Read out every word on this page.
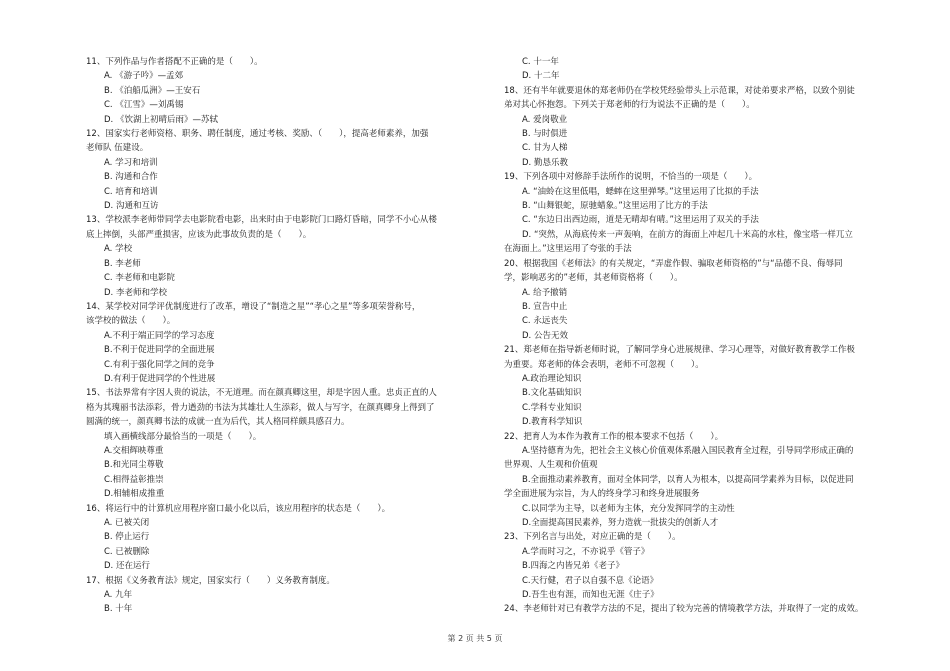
11、下列作品与作者搭配不正确的是（　　）。
A. 《游子吟》—孟郊
B. 《泊船瓜洲》—王安石
C. 《江雪》—刘禹锡
D. 《饮湖上初晴后雨》—苏轼
12、国家实行老师资格、职务、聘任制度，通过考核、奖励、（　　），提高老师素养，加强
老师队 伍建设。
A. 学习和培训
B. 沟通和合作
C. 培育和培训
D. 沟通和互访
13、学校派李老师带同学去电影院看电影，出来时由于电影院门口路灯昏暗，同学不小心从楼
底上摔倒，头部严重损害，应该为此事故负责的是（　　）。
A. 学校
B. 李老师
C. 李老师和电影院
D. 李老师和学校
14、某学校对同学评优制度进行了改革，增设了“制造之星”“孝心之星”等多项荣誉称号，
该学校的做法（　　）。
A.不利于端正同学的学习态度
B.不利于促进同学的全面进展
C.有利于强化同学之间的竞争
D.有利于促进同学的个性进展
15、书法界常有字因人贵的说法，不无道理。而在颜真卿这里，却是字因人重。忠贞正直的人
格为其瑰丽书法添彩，骨力遒劲的书法为其雄壮人生添彩，做人与写字，在颜真卿身上得到了
圆满的统一，颜真卿书法的成就一直为后代，其人格同样颇具感召力。
填入画横线部分最恰当的一项是（　　）。
A.交相辉映尊重
B.和光同尘尊敬
C.相得益彰推崇
D.相辅相成推重
16、将运行中的计算机应用程序窗口最小化以后，该应用程序的状态是（　　）。
A. 已被关闭
B. 停止运行
C. 已被删除
D. 还在运行
17、根据《义务教育法》规定，国家实行（　　）义务教育制度。
A. 九年
B. 十年
C. 十一年
D. 十二年
18、还有半年就要退休的郑老师仍在学校凭经验带头上示范课，对徒弟要求严格，以致个别徒
弟对其心怀抱怨。下列关于郑老师的行为说法不正确的是（　　）。
A. 爱岗敬业
B. 与时俱进
C. 甘为人梯
D. 勤恳乐教
19、下列各项中对修辞手法所作的说明，不恰当的一项是（　　）。
A. “油蛉在这里低唱，蟋蟀在这里弹琴。”这里运用了比拟的手法
B. “山舞银蛇，原驰蜡象。”这里运用了比方的手法
C. “东边日出西边雨，道是无晴却有晴。”这里运用了双关的手法
D. “突然，从海底传来一声轰响，在前方的海面上冲起几十米高的水柱，像宝塔一样兀立
在海面上。”这里运用了夸张的手法
20、根据我国《老师法》的有关规定，“弄虚作假、骗取老师资格的”与“品德不良、侮辱同
学，影响恶劣的”老师，其老师资格将（　　）。
A. 给予撤销
B. 宣告中止
C. 永远丧失
D. 公告无效
21、郑老师在指导新老师时说，了解同学身心进展规律、学习心理等，对做好教育教学工作极
为重要。郑老师的体会表明，老师不可忽视（　　）。
A.政治理论知识
B.文化基础知识
C.学科专业知识
D.教育科学知识
22、把育人为本作为教育工作的根本要求不包括（　　）。
A.坚持德育为先，把社会主义核心价值观体系融入国民教育全过程，引导同学形成正确的
世界观、人生观和价值观
B.全面推动素养教育，面对全体同学，以育人为根本，以提高同学素养为目标，以促进同
学全面进展为宗旨，为人的终身学习和终身进展服务
C.以同学为主导，以老师为主体，充分发挥同学的主动性
D.全面提高国民素养，努力造就一批拔尖的创新人才
23、下列名言与出处，对应正确的是（　　）。
A.学而时习之，不亦说乎《管子》
B.四海之内皆兄弟《老子》
C.天行健，君子以自强不息《论语》
D.吾生也有涯，而知也无涯《庄子》
24、李老师针对已有教学方法的不足，提出了较为完善的情境教学方法，并取得了一定的成效。
第 2 页 共 5 页
